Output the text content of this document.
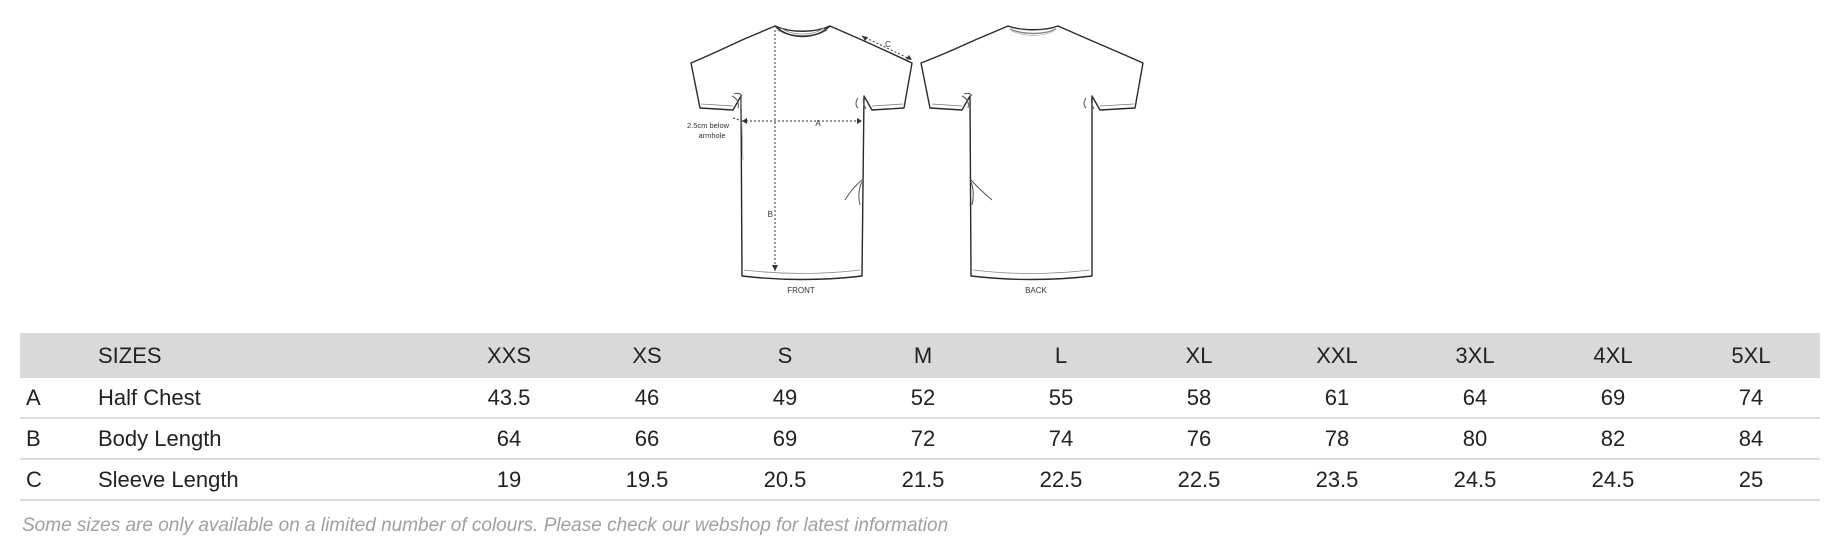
A
B
C
2.5cm below
armhole
FRONT	BACK
	SIZES	XXS	XS	S	M	L	XL	XXL	3XL	4XL	5XL
A	Half Chest	43.5	46	49	52	55	58	61	64	69	74
B	Body Length	64	66	69	72	74	76	78	80	82	84
C	Sleeve Length	19	19.5	20.5	21.5	22.5	22.5	23.5	24.5	24.5	25
Some sizes are only available on a limited number of colours. Please check our webshop for latest information
